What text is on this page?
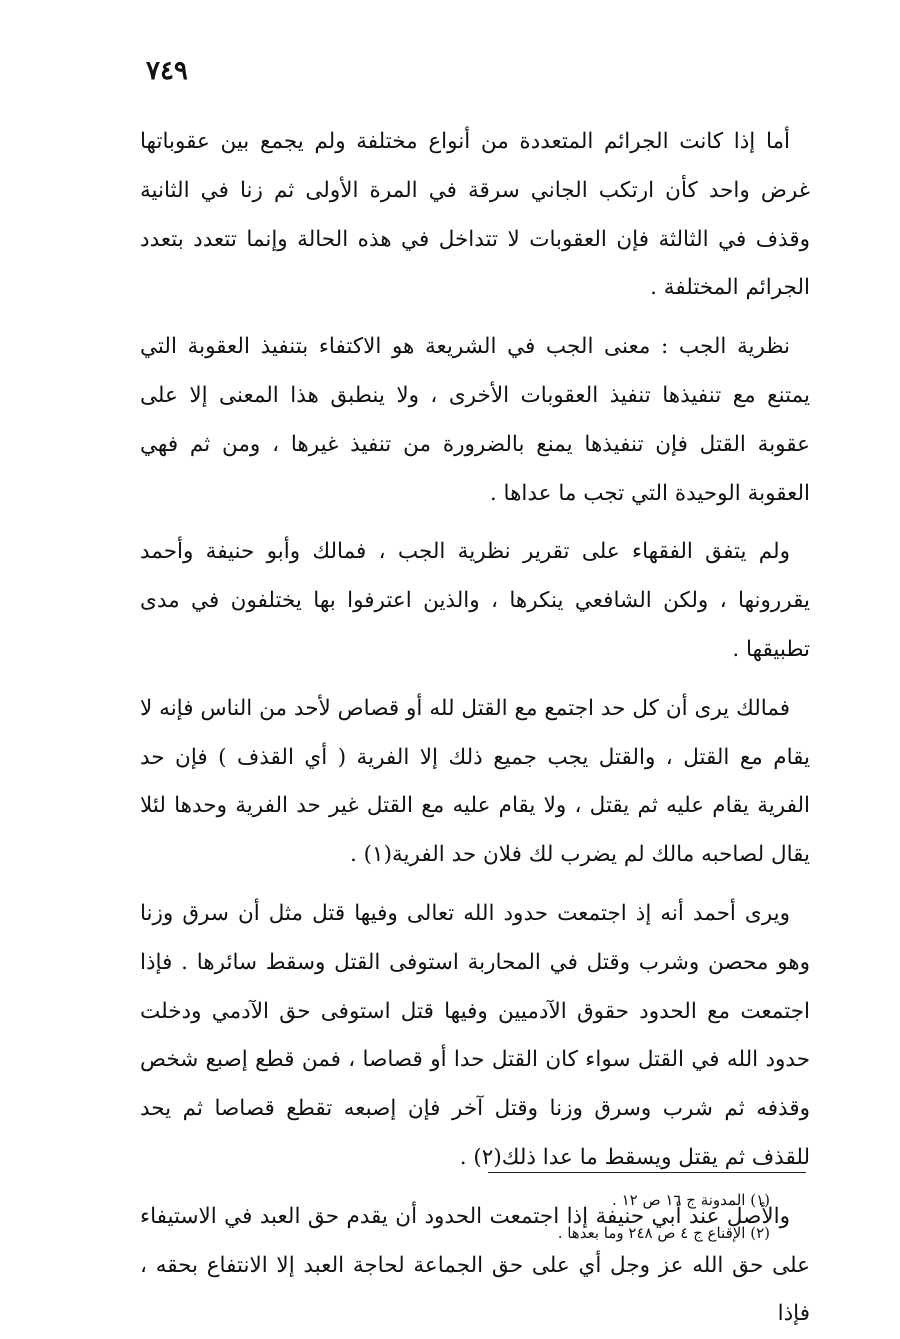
٧٤٩

أما إذا كانت الجرائم المتعددة من أنواع مختلفة ولم يجمع بين عقوباتها غرض واحد كأن ارتكب الجاني سرقة في المرة الأولى ثم زنا في الثانية وقذف في الثالثة فإن العقوبات لا تتداخل في هذه الحالة وإنما تتعدد بتعدد الجرائم المختلفة .

نظرية الجب : معنى الجب في الشريعة هو الاكتفاء بتنفيذ العقوبة التي يمتنع مع تنفيذها تنفيذ العقوبات الأخرى ، ولا ينطبق هذا المعنى إلا على عقوبة القتل فإن تنفيذها يمنع بالضرورة من تنفيذ غيرها ، ومن ثم فهي العقوبة الوحيدة التي تجب ما عداها .

ولم يتفق الفقهاء على تقرير نظرية الجب ، فمالك وأبو حنيفة وأحمد يقررونها ، ولكن الشافعي ينكرها ، والذين اعترفوا بها يختلفون في مدى تطبيقها .

فمالك يرى أن كل حد اجتمع مع القتل لله أو قصاص لأحد من الناس فإنه لا يقام مع القتل ، والقتل يجب جميع ذلك إلا الفرية ( أي القذف ) فإن حد الفرية يقام عليه ثم يقتل ، ولا يقام عليه مع القتل غير حد الفرية وحدها لئلا يقال لصاحبه مالك لم يضرب لك فلان حد الفرية(١) .

ويرى أحمد أنه إذ اجتمعت حدود الله تعالى وفيها قتل مثل أن سرق وزنا وهو محصن وشرب وقتل في المحاربة استوفى القتل وسقط سائرها . فإذا اجتمعت مع الحدود حقوق الآدميين وفيها قتل استوفى حق الآدمي ودخلت حدود الله في القتل سواء كان القتل حدا أو قصاصا ، فمن قطع إصبع شخص وقذفه ثم شرب وسرق وزنا وقتل آخر فإن إصبعه تقطع قصاصا ثم يحد للقذف ثم يقتل ويسقط ما عدا ذلك(٢) .

والأصل عند أبي حنيفة إذا اجتمعت الحدود أن يقدم حق العبد في الاستيفاء على حق الله عز وجل أي على حق الجماعة لحاجة العبد إلا الانتفاع بحقه ، فإذا

(١) المدونة ج ١٦ ص ١٢ .

(٢) الإقناع ج ٤ ص ٢٤٨ وما بعدها .
